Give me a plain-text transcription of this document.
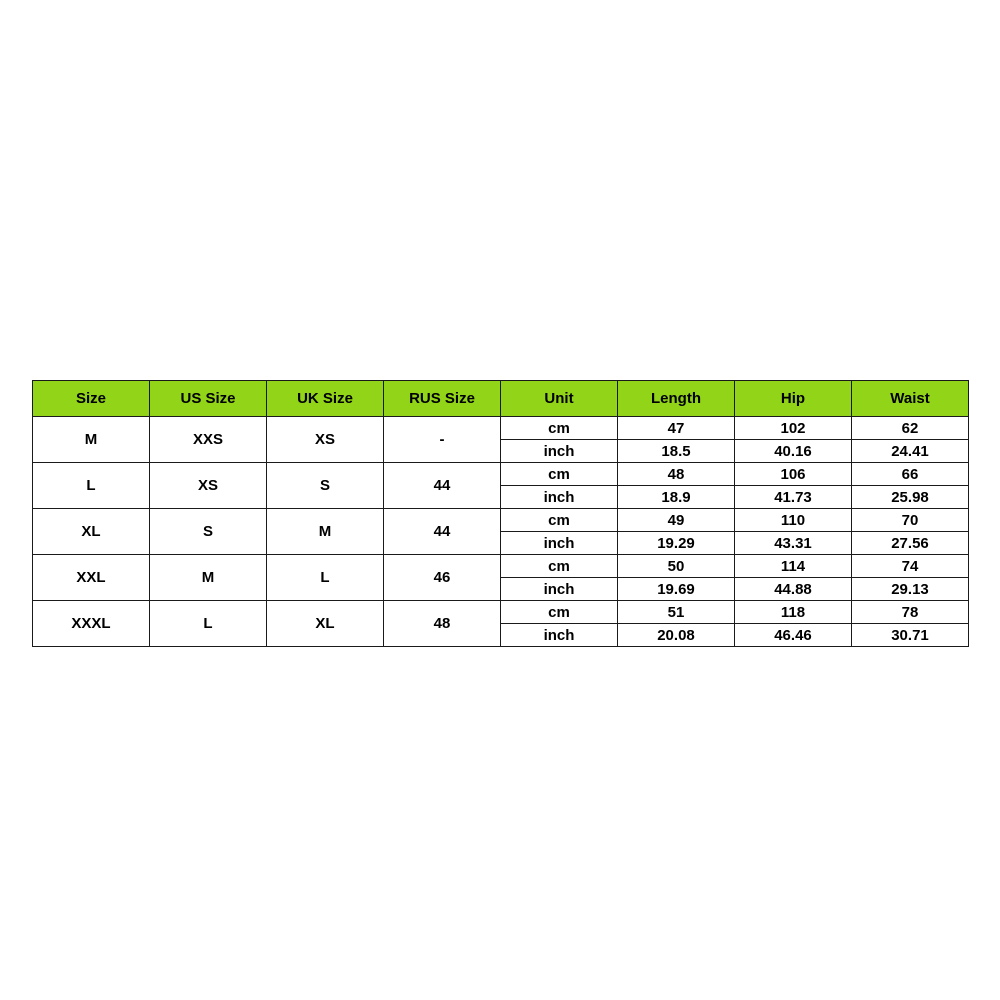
Size	US Size	UK Size	RUS Size	Unit	Length	Hip	Waist
M	XXS	XS	-	cm	47	102	62
				inch	18.5	40.16	24.41
L	XS	S	44	cm	48	106	66
				inch	18.9	41.73	25.98
XL	S	M	44	cm	49	110	70
				inch	19.29	43.31	27.56
XXL	M	L	46	cm	50	114	74
				inch	19.69	44.88	29.13
XXXL	L	XL	48	cm	51	118	78
				inch	20.08	46.46	30.71
